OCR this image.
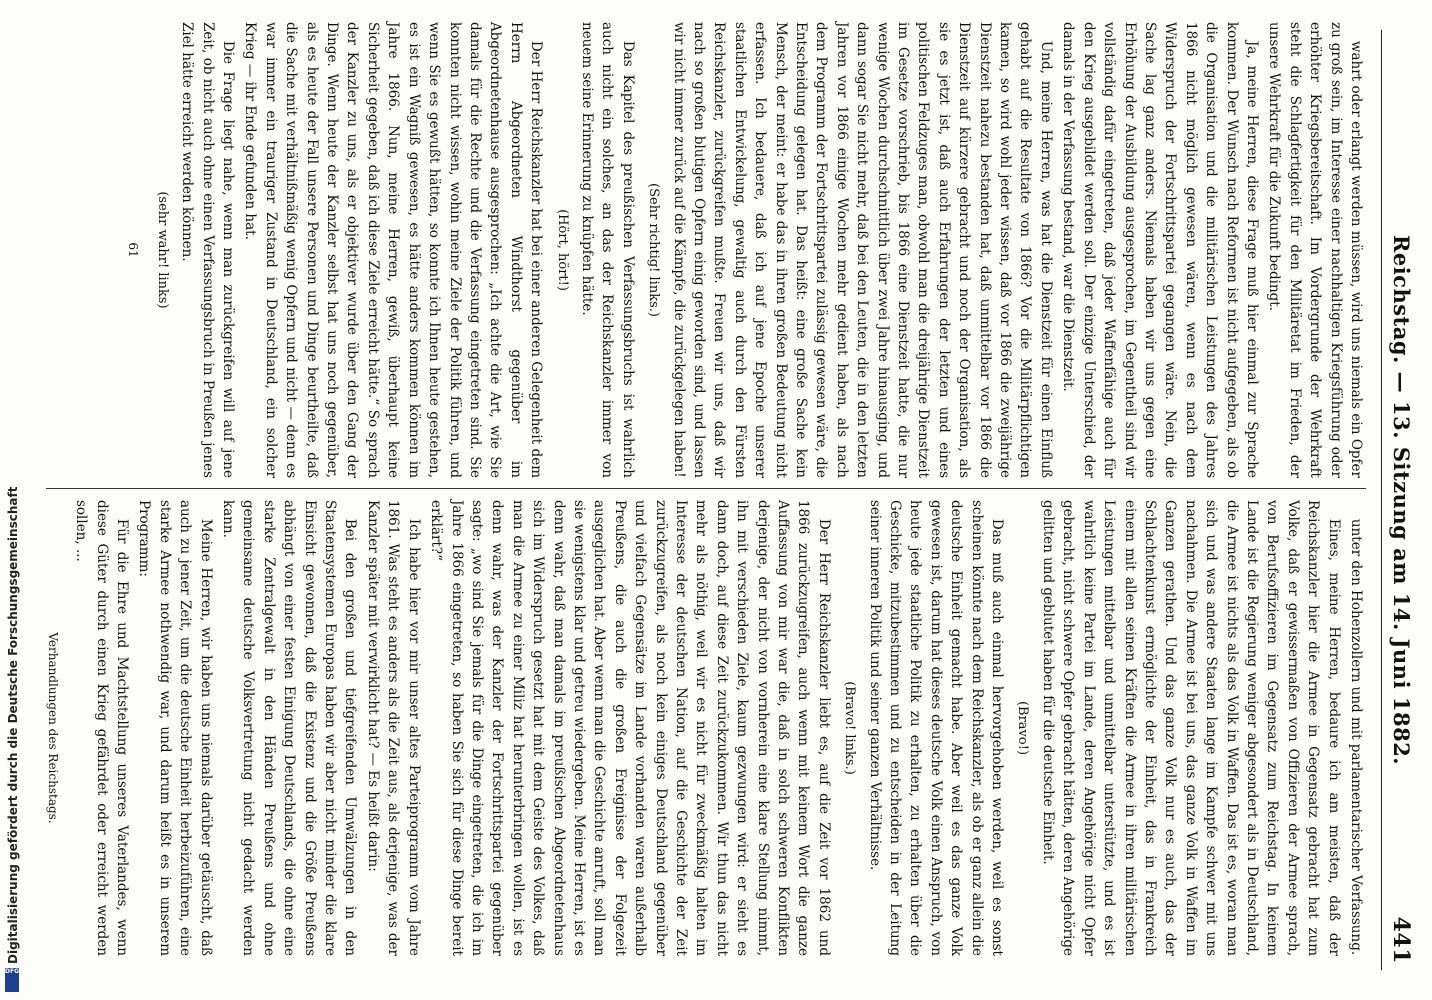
Reichstag. — 13. Sitzung am 14. Juni 1882.
441

wahrt oder erlangt werden müssen, wird uns niemals ein Opfer zu groß sein, im Interesse einer nachhaltigen Kriegsführung oder erhöhter Kriegsbereitschaft. Im Vordergrunde der Wehrkraft steht die Schlagfertigkeit für den Militäretat im Frieden, der unsere Wehrkraft für die Zukunft bedingt.

Ja, meine Herren, diese Frage muß hier einmal zur Sprache kommen. Der Wunsch nach Reformen ist nicht aufgegeben, als ob die Organisation und die militärischen Leistungen des Jahres 1866 nicht möglich gewesen wären, wenn es nach dem Widerspruch der Fortschrittspartei gegangen wäre. Nein, die Sache lag ganz anders. Niemals haben wir uns gegen eine Erhöhung der Ausbildung ausgesprochen, im Gegentheil sind wir vollständig dafür eingetreten, daß jeder Waffenfähige auch für den Krieg ausgebildet werden soll. Der einzige Unterschied, der damals in der Verfassung bestand, war die Dienstzeit.

Und, meine Herren, was hat die Dienstzeit für einen Einfluß gehabt auf die Resultate von 1866? Vor die Militärpflichtigen kamen, so wird wohl jeder wissen, daß vor 1866 die zweijährige Dienstzeit nahezu bestanden hat, daß unmittelbar vor 1866 die Dienstzeit auf kürzere gebracht und noch der Organisation, als sie es jetzt ist, daß auch Erfahrungen der letzten und eines politischen Feldzuges man, obwohl man die dreijährige Dienstzeit im Gesetze vorschrieb, bis 1866 eine Dienstzeit hatte, die nur wenige Wochen durchschnittlich über zwei Jahre hinausging, und dann sogar Sie nicht mehr, daß bei den Leuten, die in den letzten Jahren vor 1866 einige Wochen mehr gedient haben, als nach dem Programm der Fortschrittspartei zulässig gewesen wäre, die Entscheidung gelegen hat. Das heißt: eine große Sache kein Mensch, der meint: er habe das in ihren großen Bedeutung nicht erfassen. Ich bedauere, daß ich auf jene Epoche unserer staatlichen Entwickelung, gewaltig auch durch den Fürsten Reichskanzler, zurückgreifen mußte. Freuen wir uns, daß wir nach so großen blutigen Opfern einig geworden sind, und lassen wir nicht immer zurück auf die Kämpfe, die zurückgelegen haben!

(Sehr richtig! links.)

Das Kapitel des preußischen Verfassungsbruchs ist wahrlich auch nicht ein solches, an das der Reichskanzler immer von neuem seine Erinnerung zu knüpfen hätte.

(Hört, hört!)

Der Herr Reichskanzler hat bei einer anderen Gelegenheit dem Herrn Abgeordneten Windthorst gegenüber im Abgeordnetenhause ausgesprochen: „Ich achte die Art, wie Sie damals für die Rechte und die Verfassung eingetreten sind. Sie konnten nicht wissen, wohin meine Ziele der Politik führen, und wenn Sie es gewußt hätten, so konnte ich Ihnen heute gestehen, es ist ein Wagniß gewesen, es hätte anders kommen können im Jahre 1866. Nun, meine Herren, gewiß, überhaupt keine Sicherheit gegeben, daß ich diese Ziele erreicht hätte.“ So sprach der Kanzler zu uns, als er objektiver wurde über den Gang der Dinge. Wenn heute der Kanzler selbst hat uns noch gegenüber, als es heute der Fall unsere Personen und Dinge beurtheilte, daß die Sache mit verhältnißmäßig wenig Opfern und nicht — denn es war immer ein trauriger Zustand in Deutschland, ein solcher Krieg — ihr Ende gefunden hat.

Die Frage liegt nahe, wenn man zurückgreifen will auf jene Zeit, ob nicht auch ohne einen Verfassungsbruch in Preußen jenes Ziel hätte erreicht werden können.

(sehr wahr! links)

61

unter den Hohenzollern und mit parlamentarischer Verfassung.

Eines, meine Herren, bedaure ich am meisten, daß der Reichskanzler hier die Armee in Gegensatz gebracht hat zum Volke, daß er gewissermaßen von Offizieren der Armee sprach, von Berufsoffizieren im Gegensatz zum Reichstag. In keinem Lande ist die Regierung weniger abgesondert als in Deutschland, die Armee ist nichts als das Volk in Waffen. Das ist es, woran man sich und was andere Staaten lange im Kampfe schwer mit uns nachahmen. Die Armee ist bei uns, das ganze Volk in Waffen im Ganzen gerathen. Und das ganze Volk nur es auch, das der Schlachtenkunst ermöglichte der Einheit, das in Frankreich einem mit allen seinen Kräften die Armee in ihren militärischen Leistungen mittelbar und unmittelbar unterstützte, und es ist wahrlich keine Partei im Lande, deren Angehörige nicht Opfer gebracht, nicht schwere Opfer gebracht hätten, deren Angehörige gelitten und geblutet haben für die deutsche Einheit.

(Bravo!)

Das muß auch einmal hervorgehoben werden, weil es sonst scheinen könnte nach dem Reichskanzler, als ob er ganz allein die deutsche Einheit gemacht habe. Aber weil es das ganze Volk gewesen ist, darum hat dieses deutsche Volk einen Anspruch, von heute jede staatliche Politik zu erhalten, zu erhalten über die Geschicke, mitzubestimmen und zu entscheiden in der Leitung seiner inneren Politik und seiner ganzen Verhältnisse.

(Bravo! links.)

Der Herr Reichskanzler liebt es, auf die Zeit vor 1862 und 1866 zurückzugreifen, auch wenn mit keinem Wort die ganze Auffassung von mir war die, daß in solch schweren Konflikten derjenige, der nicht von vornherein eine klare Stellung nimmt, ihn mit verschieden Ziele, kaum gezwungen wird: er sieht es dann doch, auf diese Zeit zurückzukommen. Wir thun das nicht mehr als nöthig, weil wir es nicht für zweckmäßig halten im Interesse der deutschen Nation, auf die Geschichte der Zeit zurückzugreifen, als noch kein einiges Deutschland gegenüber und vielfach Gegensätze im Lande vorhanden waren außerhalb Preußens, die auch die großen Ereignisse der Folgezeit ausgeglichen hat. Aber wenn man die Geschichte anruft, soll man sie wenigstens klar und getreu wiedergeben. Meine Herren, ist es denn wahr, daß man damals im preußischen Abgeordnetenhaus sich im Widerspruch gesetzt hat mit dem Geiste des Volkes, daß man die Armee zu einer Miliz hat herunterbringen wollen, ist es denn wahr, was der Kanzler der Fortschrittspartei gegenüber sagte: „wo sind Sie jemals für die Dinge eingetreten, die ich im Jahre 1866 eingetreten, so haben Sie sich für diese Dinge bereit erklärt?“

Ich habe hier vor mir unser altes Parteiprogramm vom Jahre 1861. Was steht es anders als die Zeit aus, als derjenige, was der Kanzler später mit verwirklicht hat? — Es heißt darin:

Bei den großen und tiefgreifenden Umwälzungen in den Staatensystemen Europas haben wir aber nicht minder die klare Einsicht gewonnen, daß die Existenz und die Größe Preußens abhängt von einer festen Einigung Deutschlands, die ohne eine starke Zentralgewalt in den Händen Preußens und ohne gemeinsame deutsche Volksvertretung nicht gedacht werden kann.

Meine Herren, wir haben uns niemals darüber getäuscht, daß auch zu jener Zeit, um die deutsche Einheit herbeizuführen, eine starke Armee nothwendig war, und darum heißt es in unserem Programm:

Für die Ehre und Machtstellung unseres Vaterlandes, wenn diese Güter durch einen Krieg gefährdet oder erreicht werden sollen, ...

Verhandlungen des Reichstags.

Digitalisierung gefördert durch die Deutsche Forschungsgemeinschaft
DFG
